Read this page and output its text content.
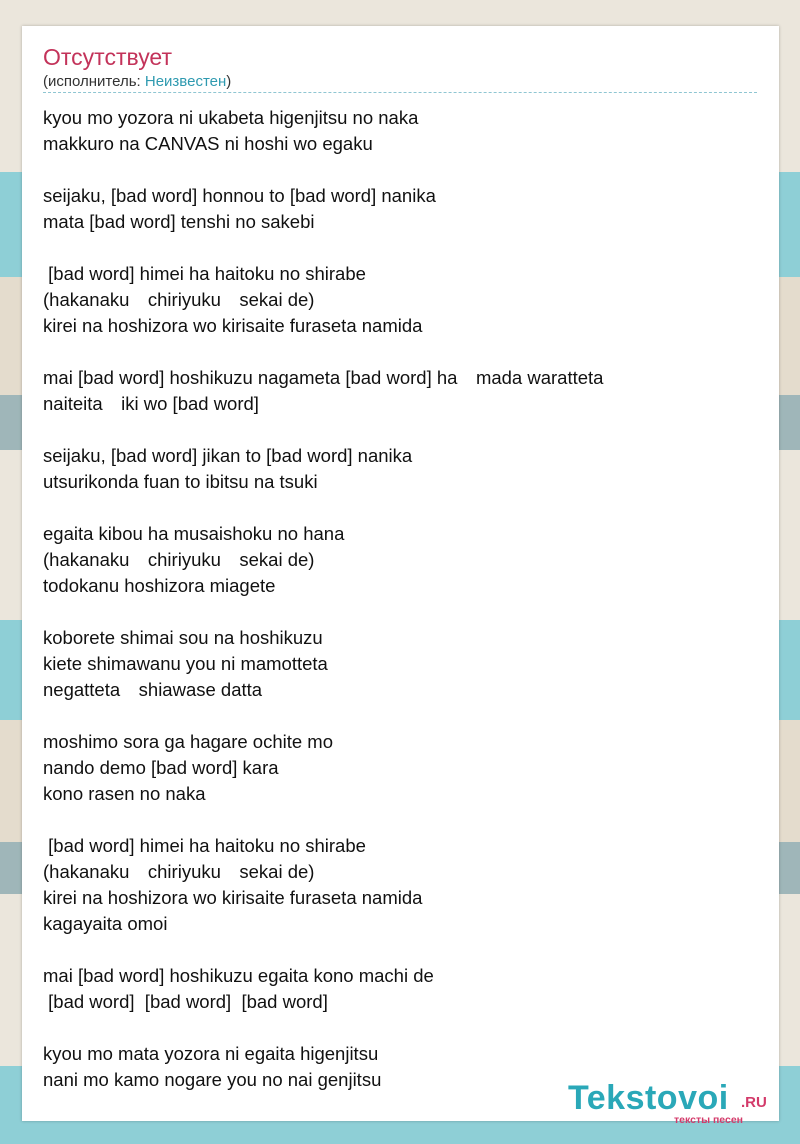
Отсутствует
(исполнитель: Неизвестен)
kyou mo yozora ni ukabeta higenjitsu no naka
makkuro na CANVAS ni hoshi wo egaku
seijaku, [bad word] honnou to [bad word] nanika
mata [bad word] tenshi no sakebi
[bad word] himei ha haitoku no shirabe
(hakanaku　chiriyuku　sekai de)
kirei na hoshizora wo kirisaite furaseta namida
mai [bad word] hoshikuzu nagameta [bad word] ha　mada waratteta
naiteita　iki wo [bad word]
seijaku, [bad word] jikan to [bad word] nanika
utsurikonda fuan to ibitsu na tsuki
egaita kibou ha musaishoku no hana
(hakanaku　chiriyuku　sekai de)
todokanu hoshizora miagete
koborete shimai sou na hoshikuzu
kiete shimawanu you ni mamotteta
negatteta　shiawase datta
moshimo sora ga hagare ochite mo
nando demo [bad word] kara
kono rasen no naka
[bad word] himei ha haitoku no shirabe
(hakanaku　chiriyuku　sekai de)
kirei na hoshizora wo kirisaite furaseta namida
kagayaita omoi
mai [bad word] hoshikuzu egaita kono machi de
[bad word]  [bad word]  [bad word]
kyou mo mata yozora ni egaita higenjitsu
nani mo kamo nogare you no nai genjitsu	Tekstovoi .RU
тексты песен
